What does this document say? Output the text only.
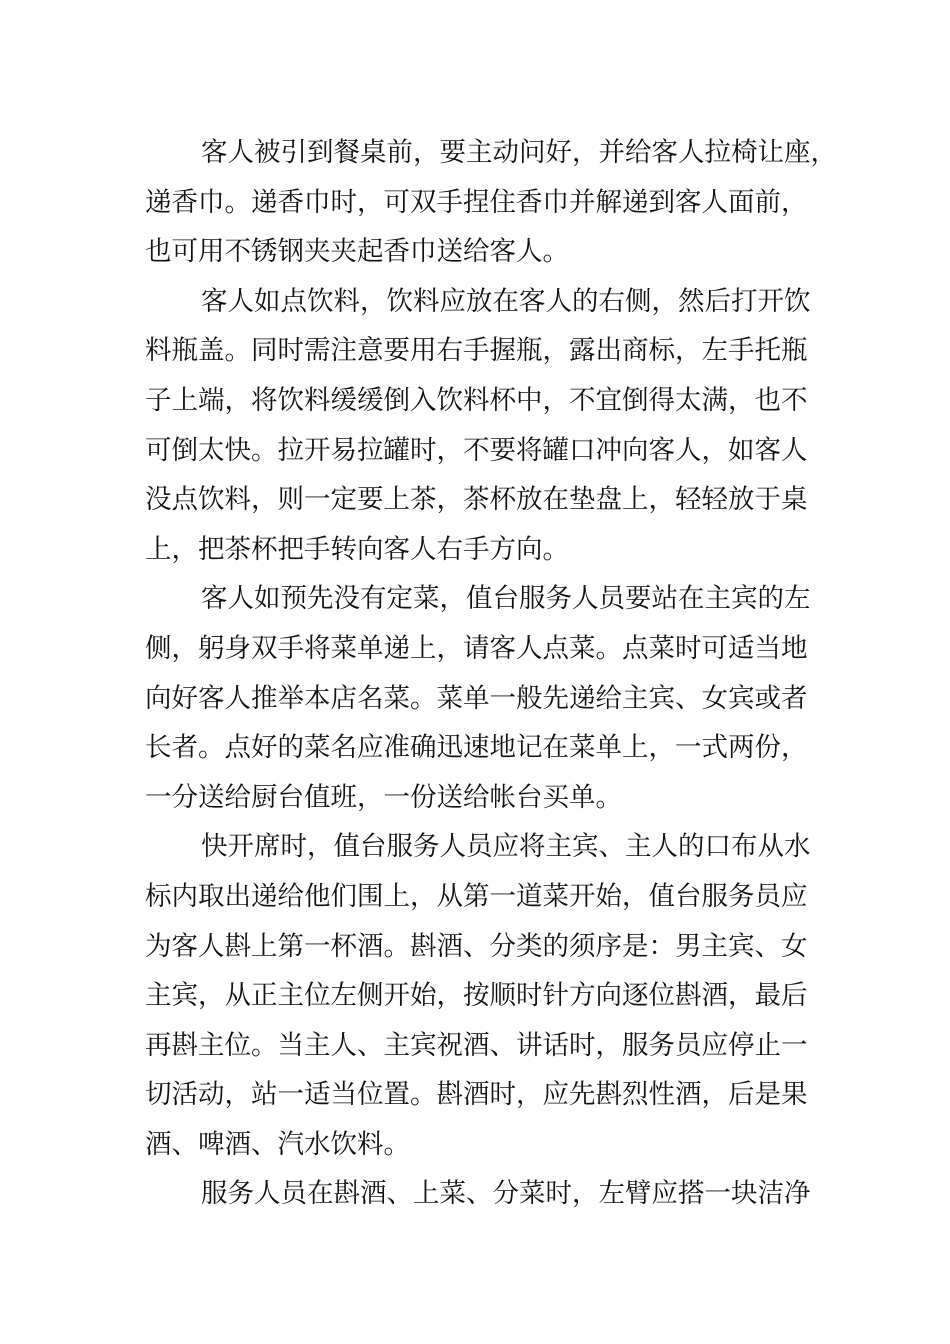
客人被引到餐桌前，要主动问好，并给客人拉椅让座，
递香巾。递香巾时，可双手捏住香巾并解递到客人面前，
也可用不锈钢夹夹起香巾送给客人。
客人如点饮料，饮料应放在客人的右侧，然后打开饮
料瓶盖。同时需注意要用右手握瓶，露出商标，左手托瓶
子上端，将饮料缓缓倒入饮料杯中，不宜倒得太满，也不
可倒太快。拉开易拉罐时，不要将罐口冲向客人，如客人
没点饮料，则一定要上茶，茶杯放在垫盘上，轻轻放于桌
上，把茶杯把手转向客人右手方向。
客人如预先没有定菜，值台服务人员要站在主宾的左
侧，躬身双手将菜单递上，请客人点菜。点菜时可适当地
向好客人推举本店名菜。菜单一般先递给主宾、女宾或者
长者。点好的菜名应准确迅速地记在菜单上，一式两份，
一分送给厨台值班，一份送给帐台买单。
快开席时，值台服务人员应将主宾、主人的口布从水
标内取出递给他们围上，从第一道菜开始，值台服务员应
为客人斟上第一杯酒。斟酒、分类的须序是：男主宾、女
主宾，从正主位左侧开始，按顺时针方向逐位斟酒，最后
再斟主位。当主人、主宾祝酒、讲话时，服务员应停止一
切活动，站一适当位置。斟酒时，应先斟烈性酒，后是果
酒、啤酒、汽水饮料。
服务人员在斟酒、上菜、分菜时，左臂应搭一块洁净
